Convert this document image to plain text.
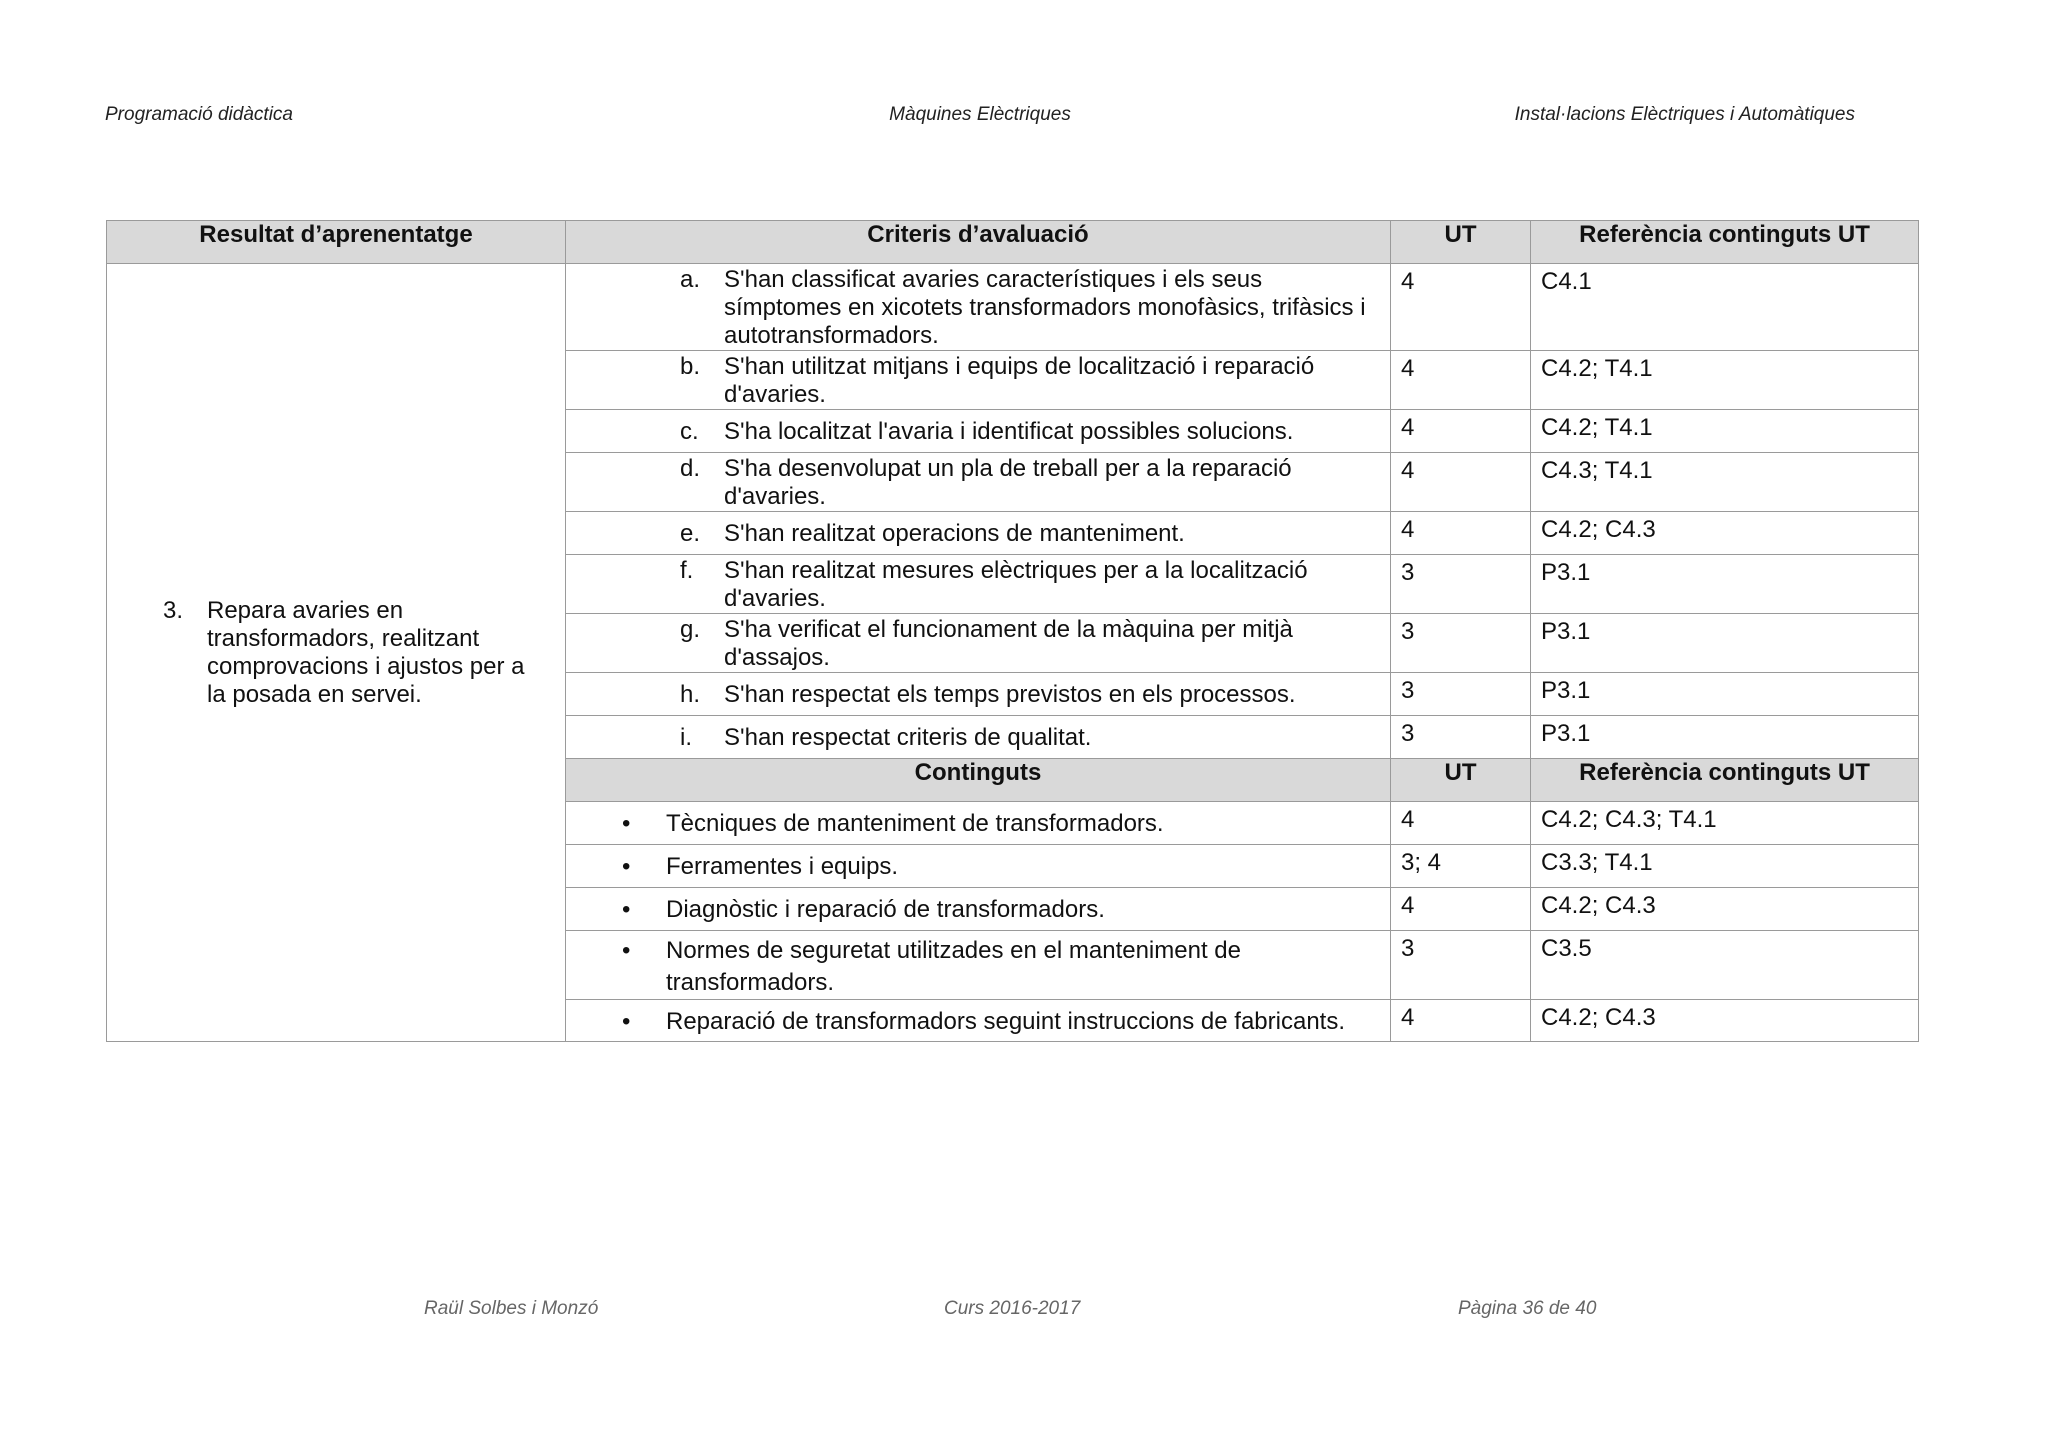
Programació didàctica	Màquines Elèctriques	Instal·lacions Elèctriques i Automàtiques
Resultat d’aprenentatge	Criteris d’avaluació	UT	Referència continguts UT

3. Repara avaries en transformadors, realitzant comprovacions i ajustos per a la posada en servei.	a. S'han classificat avaries característiques i els seus símptomes en xicotets transformadors monofàsics, trifàsics i autotransformadors.	4	C4.1

	b. S'han utilitzat mitjans i equips de localització i reparació d'avaries.	4	C4.2; T4.1

	c. S'ha localitzat l'avaria i identificat possibles solucions.	4	C4.2; T4.1

	d. S'ha desenvolupat un pla de treball per a la reparació d'avaries.	4	C4.3; T4.1

	e. S'han realitzat operacions de manteniment.	4	C4.2; C4.3

	f. S'han realitzat mesures elèctriques per a la localització d'avaries.	3	P3.1

	g. S'ha verificat el funcionament de la màquina per mitjà d'assajos.	3	P3.1

	h. S'han respectat els temps previstos en els processos.	3	P3.1

	i. S'han respectat criteris de qualitat.	3	P3.1
	Continguts	UT	Referència continguts UT

	• Tècniques de manteniment de transformadors.	4	C4.2; C4.3; T4.1

	• Ferramentes i equips.	3; 4	C3.3; T4.1

	• Diagnòstic i reparació de transformadors.	4	C4.2; C4.3

	• Normes de seguretat utilitzades en el manteniment de transformadors.	3	C3.5

	• Reparació de transformadors seguint instruccions de fabricants.	4	C4.2; C4.3
Raül Solbes i Monzó	Curs 2016-2017	Pàgina 36 de 40
